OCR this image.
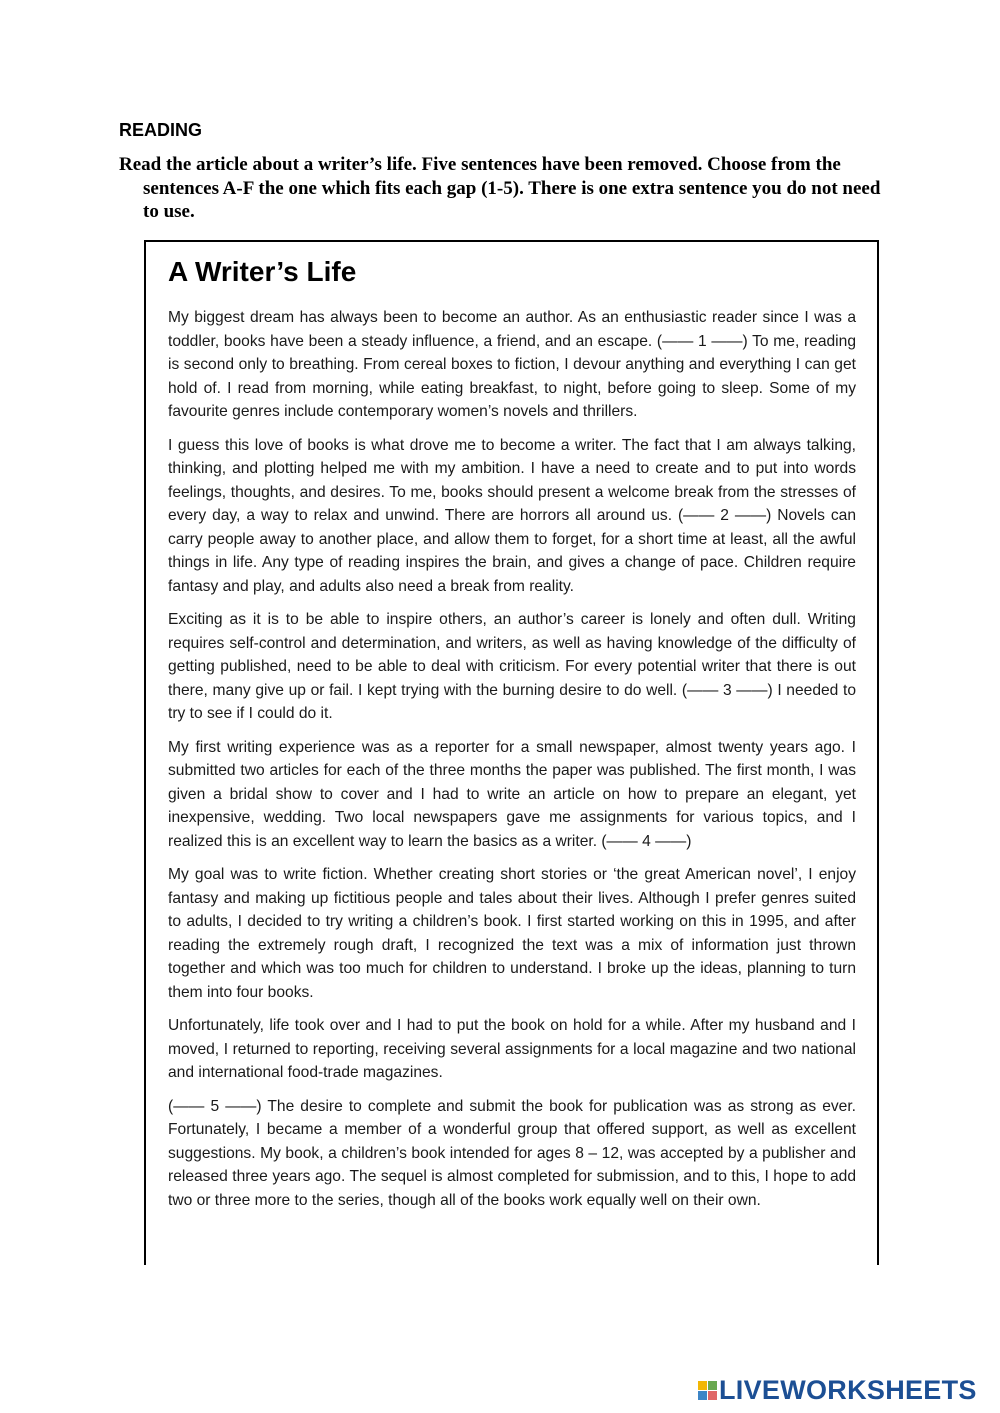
READING

Read the article about a writer’s life. Five sentences have been removed. Choose from the sentences A-F the one which fits each gap (1-5). There is one extra sentence you do not need to use.

A Writer’s Life

My biggest dream has always been to become an author. As an enthusiastic reader since I was a toddler, books have been a steady influence, a friend, and an escape. (—— 1 ——) To me, reading is second only to breathing. From cereal boxes to fiction, I devour anything and everything I can get hold of. I read from morning, while eating breakfast, to night, before going to sleep. Some of my favourite genres include contemporary women’s novels and thrillers.

I guess this love of books is what drove me to become a writer. The fact that I am always talking, thinking, and plotting helped me with my ambition. I have a need to create and to put into words feelings, thoughts, and desires. To me, books should present a welcome break from the stresses of every day, a way to relax and unwind. There are horrors all around us. (—— 2 ——) Novels can carry people away to another place, and allow them to forget, for a short time at least, all the awful things in life. Any type of reading inspires the brain, and gives a change of pace. Children require fantasy and play, and adults also need a break from reality.

Exciting as it is to be able to inspire others, an author’s career is lonely and often dull. Writing requires self-control and determination, and writers, as well as having knowledge of the difficulty of getting published, need to be able to deal with criticism. For every potential writer that there is out there, many give up or fail. I kept trying with the burning desire to do well. (—— 3 ——) I needed to try to see if I could do it.

My first writing experience was as a reporter for a small newspaper, almost twenty years ago. I submitted two articles for each of the three months the paper was published. The first month, I was given a bridal show to cover and I had to write an article on how to prepare an elegant, yet inexpensive, wedding. Two local newspapers gave me assignments for various topics, and I realized this is an excellent way to learn the basics as a writer. (—— 4 ——)

My goal was to write fiction. Whether creating short stories or ‘the great American novel’, I enjoy fantasy and making up fictitious people and tales about their lives. Although I prefer genres suited to adults, I decided to try writing a children’s book. I first started working on this in 1995, and after reading the extremely rough draft, I recognized the text was a mix of information just thrown together and which was too much for children to understand. I broke up the ideas, planning to turn them into four books.

Unfortunately, life took over and I had to put the book on hold for a while. After my husband and I moved, I returned to reporting, receiving several assignments for a local magazine and two national and international food-trade magazines.

(—— 5 ——) The desire to complete and submit the book for publication was as strong as ever. Fortunately, I became a member of a wonderful group that offered support, as well as excellent suggestions. My book, a children’s book intended for ages 8 – 12, was accepted by a publisher and released three years ago. The sequel is almost completed for submission, and to this, I hope to add two or three more to the series, though all of the books work equally well on their own.

LIVEWORKSHEETS
